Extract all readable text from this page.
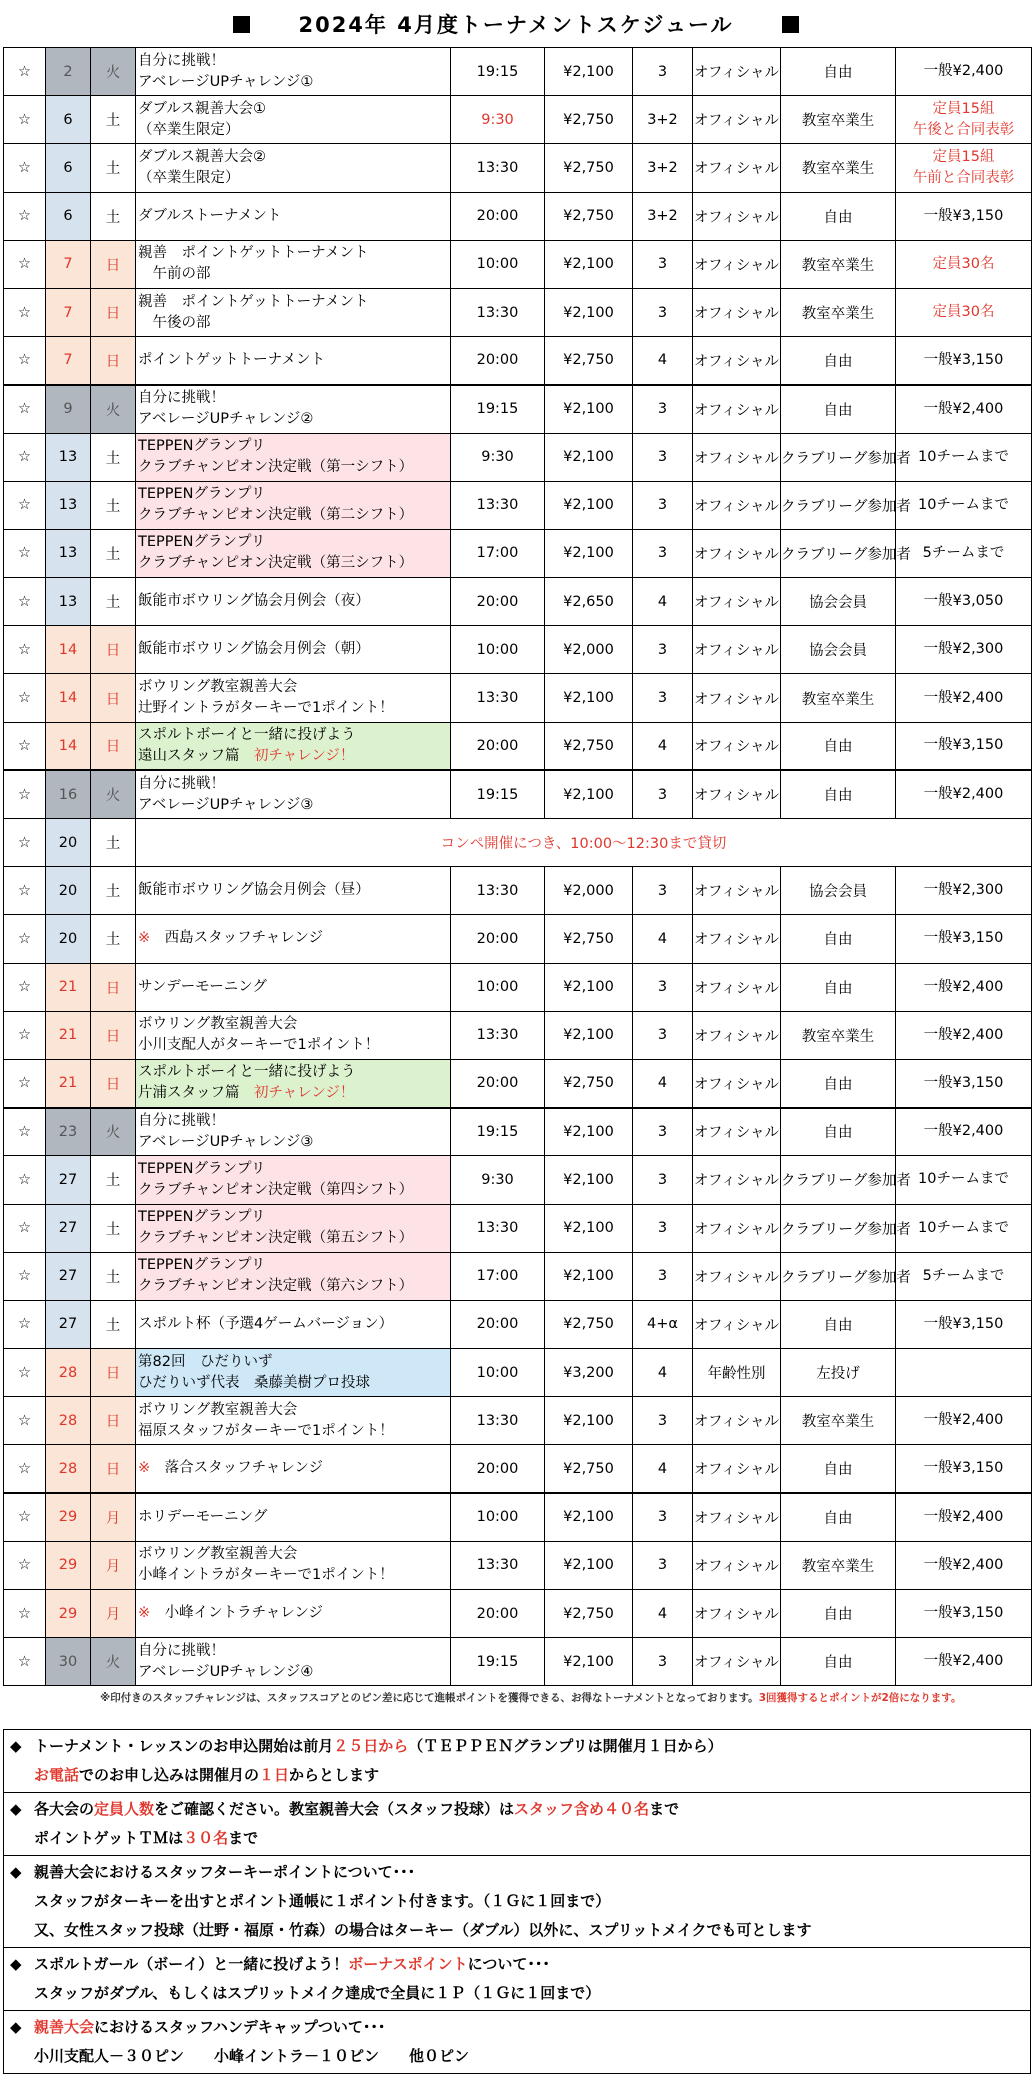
2024年 4月度トーナメントスケジュール
☆	2	火	自分に挑戦！
アベレージUPチャレンジ①	19:15	¥2,100	3	オフィシャル	自由	一般¥2,400
☆	6	土	ダブルス親善大会①
（卒業生限定）	9:30	¥2,750	3+2	オフィシャル	教室卒業生	定員15組
午後と合同表彰
☆	6	土	ダブルス親善大会②
（卒業生限定）	13:30	¥2,750	3+2	オフィシャル	教室卒業生	定員15組
午前と合同表彰
☆	6	土	ダブルストーナメント	20:00	¥2,750	3+2	オフィシャル	自由	一般¥3,150
☆	7	日	親善　ポイントゲットトーナメント
　午前の部	10:00	¥2,100	3	オフィシャル	教室卒業生	定員30名
☆	7	日	親善　ポイントゲットトーナメント
　午後の部	13:30	¥2,100	3	オフィシャル	教室卒業生	定員30名
☆	7	日	ポイントゲットトーナメント	20:00	¥2,750	4	オフィシャル	自由	一般¥3,150
☆	9	火	自分に挑戦！
アベレージUPチャレンジ②	19:15	¥2,100	3	オフィシャル	自由	一般¥2,400
☆	13	土	TEPPENグランプリ
クラブチャンピオン決定戦（第一シフト）	9:30	¥2,100	3	オフィシャル	クラブリーグ参加者	10チームまで
☆	13	土	TEPPENグランプリ
クラブチャンピオン決定戦（第二シフト）	13:30	¥2,100	3	オフィシャル	クラブリーグ参加者	10チームまで
☆	13	土	TEPPENグランプリ
クラブチャンピオン決定戦（第三シフト）	17:00	¥2,100	3	オフィシャル	クラブリーグ参加者	5チームまで
☆	13	土	飯能市ボウリング協会月例会（夜）	20:00	¥2,650	4	オフィシャル	協会会員	一般¥3,050
☆	14	日	飯能市ボウリング協会月例会（朝）	10:00	¥2,000	3	オフィシャル	協会会員	一般¥2,300
☆	14	日	ボウリング教室親善大会
辻野イントラがターキーで1ポイント！	13:30	¥2,100	3	オフィシャル	教室卒業生	一般¥2,400
☆	14	日	スポルトボーイと一緒に投げよう
遠山スタッフ篇　初チャレンジ！	20:00	¥2,750	4	オフィシャル	自由	一般¥3,150
☆	16	火	自分に挑戦！
アベレージUPチャレンジ③	19:15	¥2,100	3	オフィシャル	自由	一般¥2,400
☆	20	土	コンペ開催につき、10:00～12:30まで貸切						
☆	20	土	飯能市ボウリング協会月例会（昼）	13:30	¥2,000	3	オフィシャル	協会会員	一般¥2,300
☆	20	土	※　西島スタッフチャレンジ	20:00	¥2,750	4	オフィシャル	自由	一般¥3,150
☆	21	日	サンデーモーニング	10:00	¥2,100	3	オフィシャル	自由	一般¥2,400
☆	21	日	ボウリング教室親善大会
小川支配人がターキーで1ポイント！	13:30	¥2,100	3	オフィシャル	教室卒業生	一般¥2,400
☆	21	日	スポルトボーイと一緒に投げよう
片浦スタッフ篇　初チャレンジ！	20:00	¥2,750	4	オフィシャル	自由	一般¥3,150
☆	23	火	自分に挑戦！
アベレージUPチャレンジ③	19:15	¥2,100	3	オフィシャル	自由	一般¥2,400
☆	27	土	TEPPENグランプリ
クラブチャンピオン決定戦（第四シフト）	9:30	¥2,100	3	オフィシャル	クラブリーグ参加者	10チームまで
☆	27	土	TEPPENグランプリ
クラブチャンピオン決定戦（第五シフト）	13:30	¥2,100	3	オフィシャル	クラブリーグ参加者	10チームまで
☆	27	土	TEPPENグランプリ
クラブチャンピオン決定戦（第六シフト）	17:00	¥2,100	3	オフィシャル	クラブリーグ参加者	5チームまで
☆	27	土	スポルト杯（予選4ゲームバージョン）	20:00	¥2,750	4+α	オフィシャル	自由	一般¥3,150
☆	28	日	第82回　ひだりいず
ひだりいず代表　桑藤美樹プロ投球	10:00	¥3,200	4	年齢性別	左投げ	
☆	28	日	ボウリング教室親善大会
福原スタッフがターキーで1ポイント！	13:30	¥2,100	3	オフィシャル	教室卒業生	一般¥2,400
☆	28	日	※　落合スタッフチャレンジ	20:00	¥2,750	4	オフィシャル	自由	一般¥3,150
☆	29	月	ホリデーモーニング	10:00	¥2,100	3	オフィシャル	自由	一般¥2,400
☆	29	月	ボウリング教室親善大会
小峰イントラがターキーで1ポイント！	13:30	¥2,100	3	オフィシャル	教室卒業生	一般¥2,400
☆	29	月	※　小峰イントラチャレンジ	20:00	¥2,750	4	オフィシャル	自由	一般¥3,150
☆	30	火	自分に挑戦！
アベレージUPチャレンジ④	19:15	¥2,100	3	オフィシャル	自由	一般¥2,400
※印付きのスタッフチャレンジは、スタッフスコアとのピン差に応じて進帳ポイントを獲得できる、お得なトーナメントとなっております。3回獲得するとポイントが2倍になります。
◆ トーナメント・レッスンのお申込開始は前月２５日から（ＴＥＰＰＥＮグランプリは開催月１日から）
お電話でのお申し込みは開催月の１日からとします

◆ 各大会の定員人数をご確認ください。教室親善大会（スタッフ投球）はスタッフ含め４０名まで
ポイントゲットＴＭは３０名まで

◆ 親善大会におけるスタッフターキーポイントについて･･･
スタッフがターキーを出すとポイント通帳に１ポイント付きます。（１Ｇに１回まで）
又、女性スタッフ投球（辻野・福原・竹森）の場合はターキー（ダブル）以外に、スプリットメイクでも可とします

◆ スポルトガール（ボーイ）と一緒に投げよう！ボーナスポイントについて･･･
スタッフがダブル、もしくはスプリットメイク達成で全員に１Ｐ（１Ｇに１回まで）

◆ 親善大会におけるスタッフハンデキャップついて･･･
小川支配人－３０ピン　　小峰イントラ－１０ピン　　他０ピン
